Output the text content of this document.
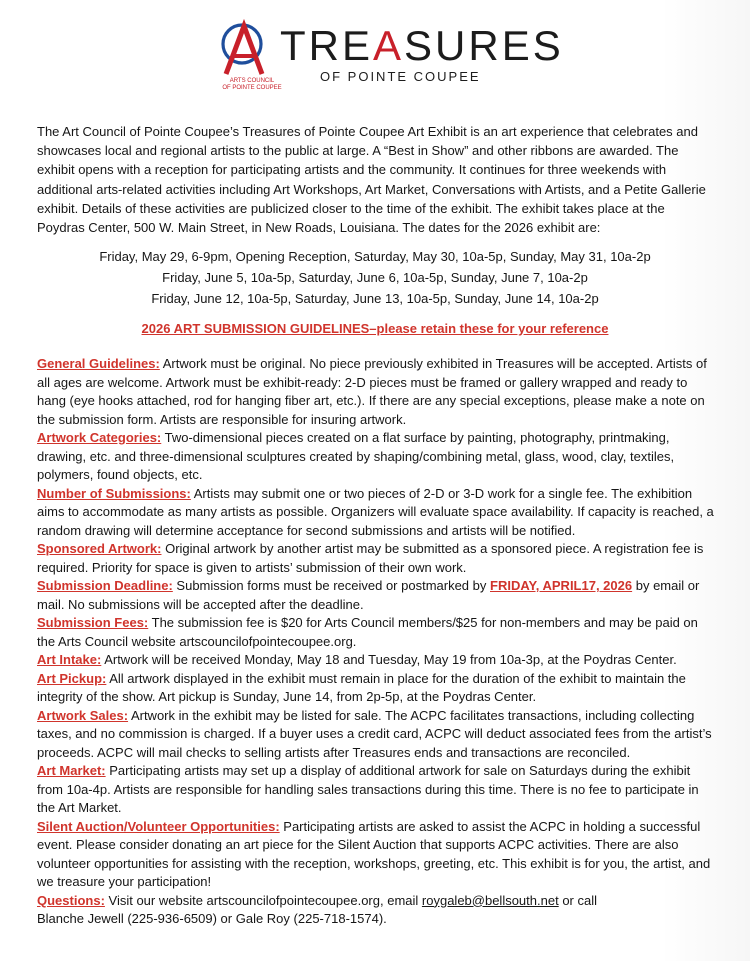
ARTS COUNCIL
OF POINTE COUPEE
TREASURES
OF POINTE COUPEE

The Art Council of Pointe Coupee’s Treasures of Pointe Coupee Art Exhibit is an art experience that celebrates and showcases local and regional artists to the public at large. A “Best in Show” and other ribbons are awarded. The exhibit opens with a reception for participating artists and the community. It continues for three weekends with additional arts-related activities including Art Workshops, Art Market, Conversations with Artists, and a Petite Gallerie exhibit. Details of these activities are publicized closer to the time of the exhibit. The exhibit takes place at the Poydras Center, 500 W. Main Street, in New Roads, Louisiana. The dates for the 2026 exhibit are:

Friday, May 29, 6-9pm, Opening Reception, Saturday, May 30, 10a-5p, Sunday, May 31, 10a-2p
Friday, June 5, 10a-5p, Saturday, June 6, 10a-5p, Sunday, June 7, 10a-2p
Friday, June 12, 10a-5p, Saturday, June 13, 10a-5p, Sunday, June 14, 10a-2p
2026 ART SUBMISSION GUIDELINES–please retain these for your reference

General Guidelines: Artwork must be original. No piece previously exhibited in Treasures will be accepted. Artists of all ages are welcome. Artwork must be exhibit-ready: 2-D pieces must be framed or gallery wrapped and ready to hang (eye hooks attached, rod for hanging fiber art, etc.). If there are any special exceptions, please make a note on the submission form. Artists are responsible for insuring artwork.

Artwork Categories: Two-dimensional pieces created on a flat surface by painting, photography, printmaking, drawing, etc. and three-dimensional sculptures created by shaping/combining metal, glass, wood, clay, textiles, polymers, found objects, etc.

Number of Submissions: Artists may submit one or two pieces of 2-D or 3-D work for a single fee. The exhibition aims to accommodate as many artists as possible. Organizers will evaluate space availability. If capacity is reached, a random drawing will determine acceptance for second submissions and artists will be notified.

Sponsored Artwork: Original artwork by another artist may be submitted as a sponsored piece. A registration fee is required. Priority for space is given to artists’ submission of their own work.

Submission Deadline: Submission forms must be received or postmarked by FRIDAY, APRIL17, 2026 by email or mail. No submissions will be accepted after the deadline.

Submission Fees: The submission fee is $20 for Arts Council members/$25 for non-members and may be paid on the Arts Council website artscouncilofpointecoupee.org.

Art Intake: Artwork will be received Monday, May 18 and Tuesday, May 19 from 10a-3p, at the Poydras Center.

Art Pickup: All artwork displayed in the exhibit must remain in place for the duration of the exhibit to maintain the integrity of the show. Art pickup is Sunday, June 14, from 2p-5p, at the Poydras Center.

Artwork Sales: Artwork in the exhibit may be listed for sale. The ACPC facilitates transactions, including collecting taxes, and no commission is charged. If a buyer uses a credit card, ACPC will deduct associated fees from the artist’s proceeds. ACPC will mail checks to selling artists after Treasures ends and transactions are reconciled.

Art Market: Participating artists may set up a display of additional artwork for sale on Saturdays during the exhibit from 10a-4p. Artists are responsible for handling sales transactions during this time. There is no fee to participate in the Art Market.

Silent Auction/Volunteer Opportunities: Participating artists are asked to assist the ACPC in holding a successful event. Please consider donating an art piece for the Silent Auction that supports ACPC activities. There are also volunteer opportunities for assisting with the reception, workshops, greeting, etc. This exhibit is for you, the artist, and we treasure your participation!

Questions: Visit our website artscouncilofpointecoupee.org, email roygaleb@bellsouth.net or call
Blanche Jewell (225-936-6509) or Gale Roy (225-718-1574).
